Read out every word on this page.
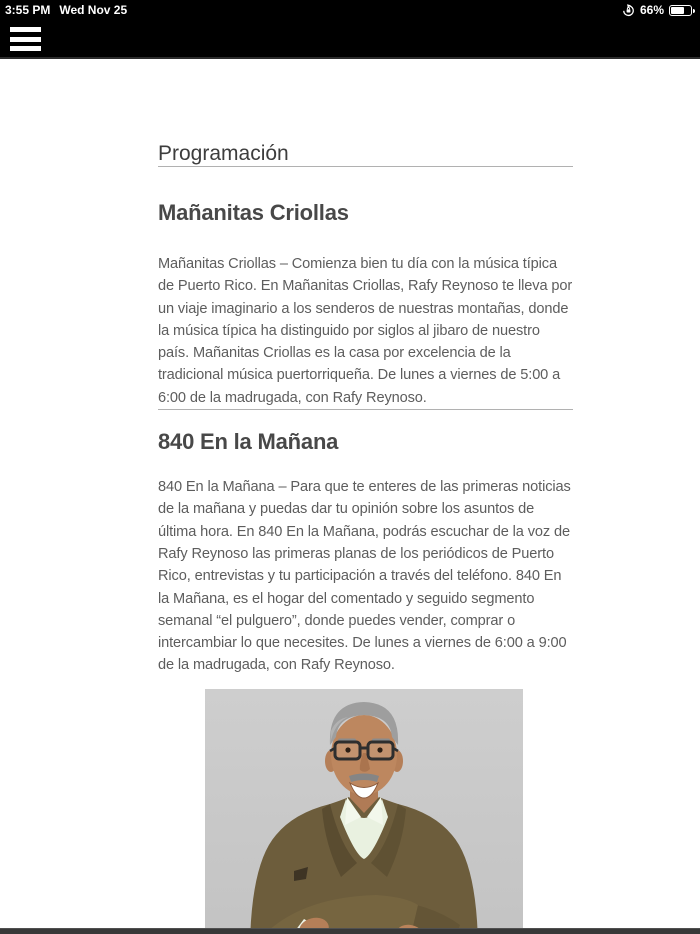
3:55 PM Wed Nov 25	66%
Programación
Mañanitas Criollas

Mañanitas Criollas – Comienza bien tu día con la música típica de Puerto Rico. En Mañanitas Criollas, Rafy Reynoso te lleva por un viaje imaginario a los senderos de nuestras montañas, donde la música típica ha distinguido por siglos al jibaro de nuestro país. Mañanitas Criollas es la casa por excelencia de la tradicional música puertorriqueña. De lunes a viernes de 5:00 a 6:00 de la madrugada, con Rafy Reynoso.

840 En la Mañana

840 En la Mañana – Para que te enteres de las primeras noticias de la mañana y puedas dar tu opinión sobre los asuntos de última hora. En 840 En la Mañana, podrás escuchar de la voz de Rafy Reynoso las primeras planas de los periódicos de Puerto Rico, entrevistas y tu participación a través del teléfono. 840 En la Mañana, es el hogar del comentado y seguido segmento semanal “el pulguero”, donde puedes vender, comprar o intercambiar lo que necesites. De lunes a viernes de 6:00 a 9:00 de la madrugada, con Rafy Reynoso.
